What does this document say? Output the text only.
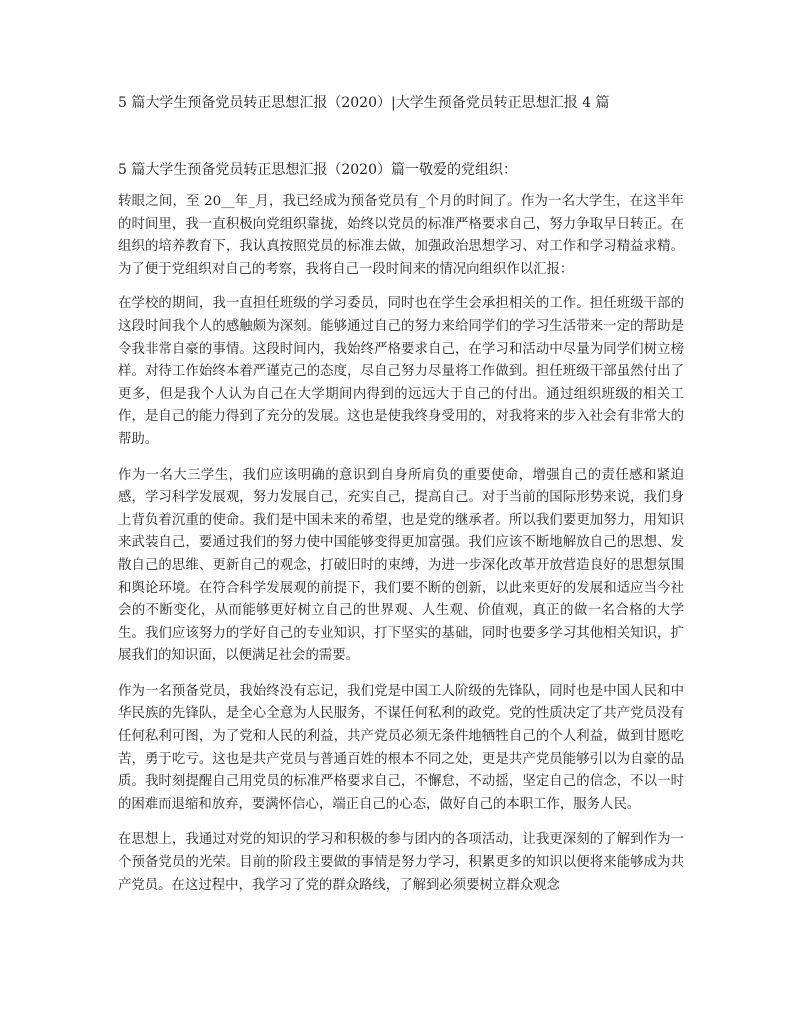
5 篇大学生预备党员转正思想汇报（2020）|大学生预备党员转正思想汇报 4 篇

5 篇大学生预备党员转正思想汇报（2020）篇一敬爱的党组织：

转眼之间，至 20__年_月，我已经成为预备党员有_个月的时间了。作为一名大学生，在这半年的时间里，我一直积极向党组织靠拢，始终以党员的标准严格要求自己，努力争取早日转正。在组织的培养教育下，我认真按照党员的标准去做，加强政治思想学习、对工作和学习精益求精。为了便于党组织对自己的考察，我将自己一段时间来的情况向组织作以汇报：

在学校的期间，我一直担任班级的学习委员，同时也在学生会承担相关的工作。担任班级干部的这段时间我个人的感触颇为深刻。能够通过自己的努力来给同学们的学习生活带来一定的帮助是令我非常自豪的事情。这段时间内，我始终严格要求自己，在学习和活动中尽量为同学们树立榜样。对待工作始终本着严谨克己的态度，尽自己努力尽量将工作做到。担任班级干部虽然付出了更多，但是我个人认为自己在大学期间内得到的远远大于自己的付出。通过组织班级的相关工作，是自己的能力得到了充分的发展。这也是使我终身受用的，对我将来的步入社会有非常大的帮助。

作为一名大三学生，我们应该明确的意识到自身所肩负的重要使命，增强自己的责任感和紧迫感，学习科学发展观，努力发展自己，充实自己，提高自己。对于当前的国际形势来说，我们身上背负着沉重的使命。我们是中国未来的希望，也是党的继承者。所以我们要更加努力，用知识来武装自己，要通过我们的努力使中国能够变得更加富强。我们应该不断地解放自己的思想、发散自己的思维、更新自己的观念，打破旧时的束缚，为进一步深化改革开放营造良好的思想氛围和舆论环境。在符合科学发展观的前提下，我们要不断的创新，以此来更好的发展和适应当今社会的不断变化，从而能够更好树立自己的世界观、人生观、价值观，真正的做一名合格的大学生。我们应该努力的学好自己的专业知识，打下坚实的基础，同时也要多学习其他相关知识，扩展我们的知识面，以便满足社会的需要。

作为一名预备党员，我始终没有忘记，我们党是中国工人阶级的先锋队，同时也是中国人民和中华民族的先锋队，是全心全意为人民服务，不谋任何私利的政党。党的性质决定了共产党员没有任何私利可图，为了党和人民的利益，共产党员必须无条件地牺牲自己的个人利益，做到甘愿吃苦，勇于吃亏。这也是共产党员与普通百姓的根本不同之处，更是共产党员能够引以为自豪的品质。我时刻提醒自己用党员的标准严格要求自己，不懈怠，不动摇，坚定自己的信念，不以一时的困难而退缩和放弃，要满怀信心，端正自己的心态，做好自己的本职工作，服务人民。

在思想上，我通过对党的知识的学习和积极的参与团内的各项活动，让我更深刻的了解到作为一个预备党员的光荣。目前的阶段主要做的事情是努力学习，积累更多的知识以便将来能够成为共产党员。在这过程中，我学习了党的群众路线，了解到必须要树立群众观念
